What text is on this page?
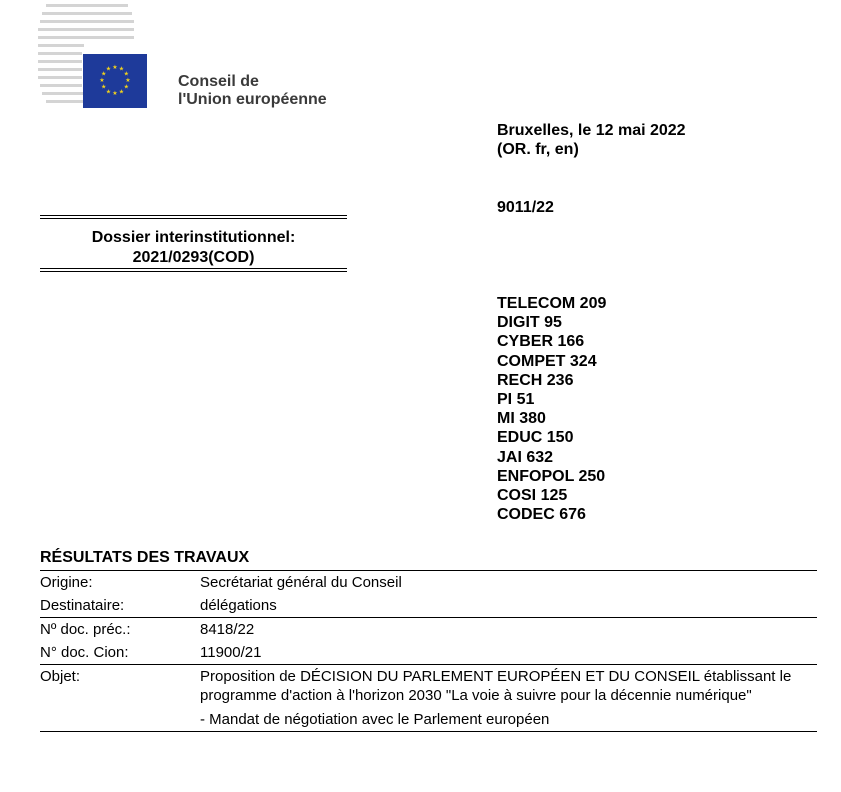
★ ★
★
★
★
★
★
★
★
★
★
★
Conseil de
l'Union européenne
Bruxelles, le 12 mai 2022
(OR. fr, en)
9011/22
Dossier interinstitutionnel:
2021/0293(COD)
TELECOM 209
DIGIT 95
CYBER 166
COMPET 324
RECH 236
PI 51
MI 380
EDUC 150
JAI 632
ENFOPOL 250
COSI 125
CODEC 676
RÉSULTATS DES TRAVAUX
Origine:	Secrétariat général du Conseil
Destinataire:	délégations
Nº doc. préc.:	8418/22
N° doc. Cion:	11900/21
Objet:	Proposition de DÉCISION DU PARLEMENT EUROPÉEN ET DU CONSEIL établissant le programme d'action à l'horizon 2030 "La voie à suivre pour la décennie numérique"
- Mandat de négotiation avec le Parlement européen
